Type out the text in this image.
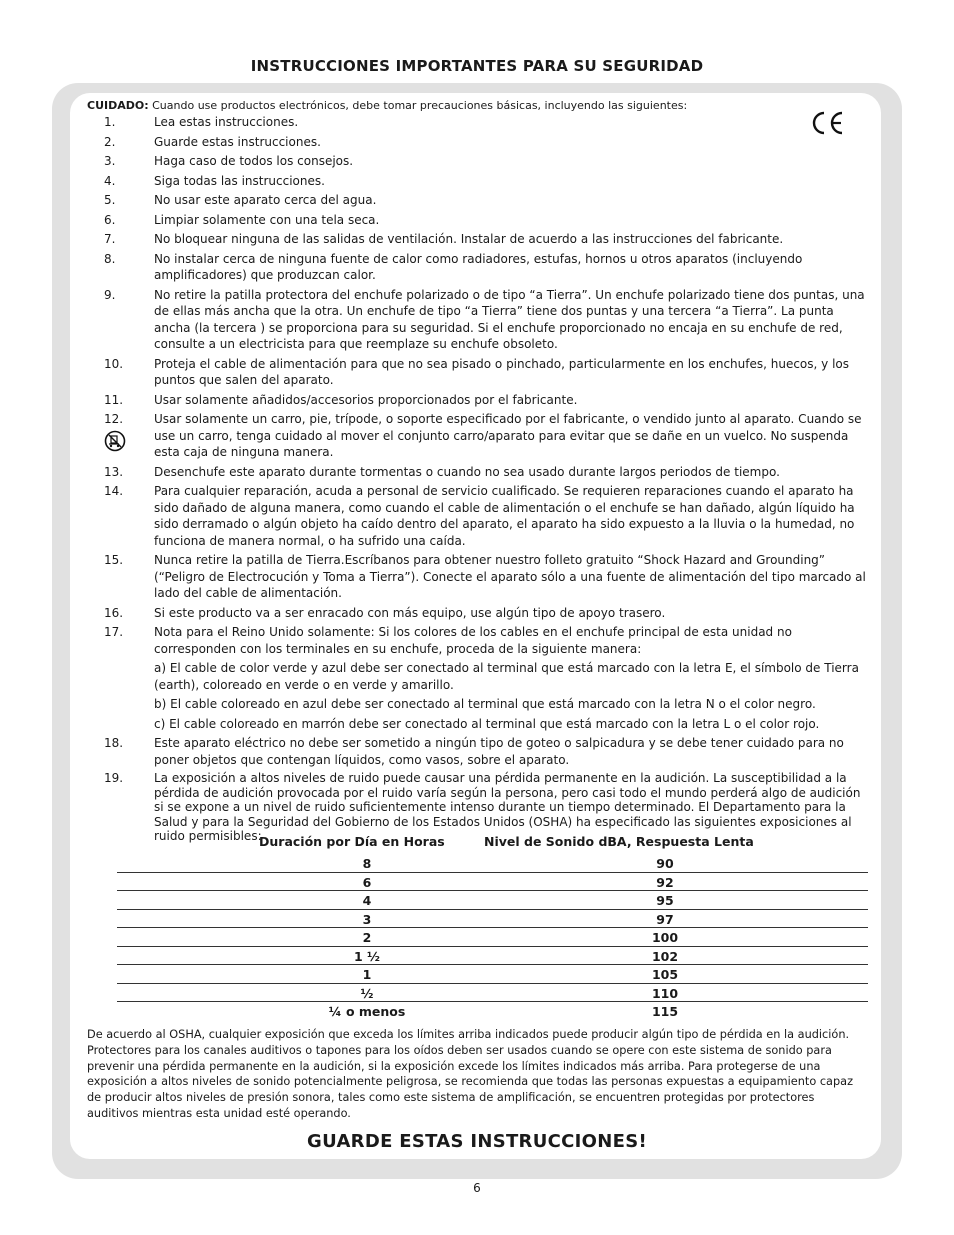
INSTRUCCIONES IMPORTANTES PARA SU SEGURIDAD
CUIDADO: Cuando use productos electrónicos, debe tomar precauciones básicas, incluyendo las siguientes:
1.	Lea estas instrucciones.
2.	Guarde estas instrucciones.
3.	Haga caso de todos los consejos.
4.	Siga todas las instrucciones.
5.	No usar este aparato cerca del agua.
6.	Limpiar solamente con una tela seca.
7.	No bloquear ninguna de las salidas de ventilación. Instalar de acuerdo a las instrucciones del fabricante.
8.	No instalar cerca de ninguna fuente de calor como radiadores, estufas, hornos u otros aparatos (incluyendo amplificadores) que produzcan calor.
9.	No retire la patilla protectora del enchufe polarizado o de tipo “a Tierra”. Un enchufe polarizado tiene dos puntas, una de ellas más ancha que la otra. Un enchufe de tipo “a Tierra” tiene dos puntas y una tercera “a Tierra”. La punta ancha (la tercera ) se proporciona para su seguridad. Si el enchufe proporcionado no encaja en su enchufe de red, consulte a un electricista para que reemplaze su enchufe obsoleto.
10.	Proteja el cable de alimentación para que no sea pisado o pinchado, particularmente en los enchufes, huecos, y los puntos que salen del aparato.
11.	Usar solamente añadidos/accesorios proporcionados por el fabricante.
12.	Usar solamente un carro, pie, trípode, o soporte especificado por el fabricante, o vendido junto al aparato. Cuando se use un carro, tenga cuidado al mover el conjunto carro/aparato para evitar que se dañe en un vuelco. No suspenda esta caja de ninguna manera.
13.	Desenchufe este aparato durante tormentas o cuando no sea usado durante largos periodos de tiempo.
14.	Para cualquier reparación, acuda a personal de servicio cualificado. Se requieren reparaciones cuando el aparato ha sido dañado de alguna manera, como cuando el cable de alimentación o el enchufe se han dañado, algún líquido ha sido derramado o algún objeto ha caído dentro del aparato, el aparato ha sido expuesto a la lluvia o la humedad, no funciona de manera normal, o ha sufrido una caída.
15.	Nunca retire la patilla de Tierra.Escríbanos para obtener nuestro folleto gratuito “Shock Hazard and Grounding” (“Peligro de Electrocución y Toma a Tierra”). Conecte el aparato sólo a una fuente de alimentación del tipo marcado al lado del cable de alimentación.
16.	Si este producto va a ser enracado con más equipo, use algún tipo de apoyo trasero.
17.	Nota para el Reino Unido solamente: Si los colores de los cables en el enchufe principal de esta unidad no corresponden con los terminales en su enchufe, proceda de la siguiente manera:
a) El cable de color verde y azul debe ser conectado al terminal que está marcado con la letra E, el símbolo de Tierra (earth), coloreado en verde o en verde y amarillo.
b) El cable coloreado en azul debe ser conectado al terminal que está marcado con la letra N o el color negro.
c) El cable coloreado en marrón debe ser conectado al terminal que está marcado con la letra L o el color rojo.
18.	Este aparato eléctrico no debe ser sometido a ningún tipo de goteo o salpicadura y se debe tener cuidado para no poner objetos que contengan líquidos, como vasos, sobre el aparato.
19.	La exposición a altos niveles de ruido puede causar una pérdida permanente en la audición. La susceptibilidad a la pérdida de audición provocada por el ruido varía según la persona, pero casi todo el mundo perderá algo de audición si se expone a un nivel de ruido suficientemente intenso durante un tiempo determinado. El Departamento para la Salud y para la Seguridad del Gobierno de los Estados Unidos (OSHA) ha especificado las siguientes exposiciones al ruido permisibles:
Duración por Día en Horas	Nivel de Sonido dBA, Respuesta Lenta
8	90
6	92
4	95
3	97
2	100
1 ½	102
1	105
½	110
¼ o menos	115
De acuerdo al OSHA, cualquier exposición que exceda los límites arriba indicados puede producir algún tipo de pérdida en la audición. Protectores para los canales auditivos o tapones para los oídos deben ser usados cuando se opere con este sistema de sonido para prevenir una pérdida permanente en la audición, si la exposición excede los límites indicados más arriba. Para protegerse de una exposición a altos niveles de sonido potencialmente peligrosa, se recomienda que todas las personas expuestas a equipamiento capaz de producir altos niveles de presión sonora, tales como este sistema de amplificación, se encuentren protegidas por protectores auditivos mientras esta unidad esté operando.
GUARDE ESTAS INSTRUCCIONES!
6
